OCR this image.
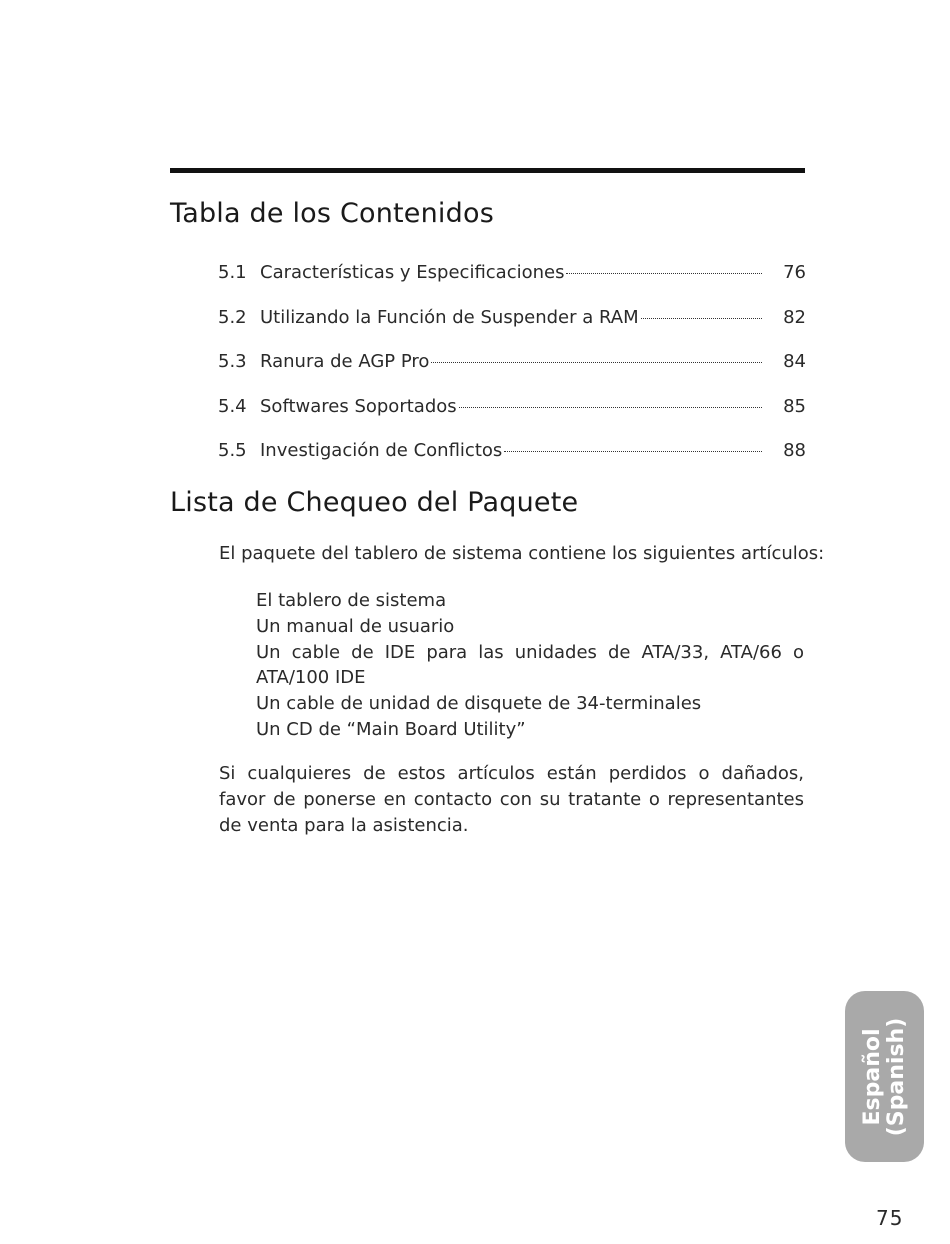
Tabla de los Contenidos
5.1 Características y Especificaciones	76
5.2 Utilizando la Función de Suspender a RAM	82
5.3 Ranura de AGP Pro	84
5.4 Softwares Soportados	85
5.5 Investigación de Conflictos	88
Lista de Chequeo del Paquete

El paquete del tablero de sistema contiene los siguientes artículos:

El tablero de sistema
Un manual de usuario
Un cable de IDE para las unidades de ATA/33, ATA/66 o ATA/100 IDE
Un cable de unidad de disquete de 34-terminales
Un CD de “Main Board Utility”

Si cualquieres de estos artículos están perdidos o dañados, favor de ponerse en contacto con su tratante o representantes de venta para la asistencia.

Español (Spanish)
75
